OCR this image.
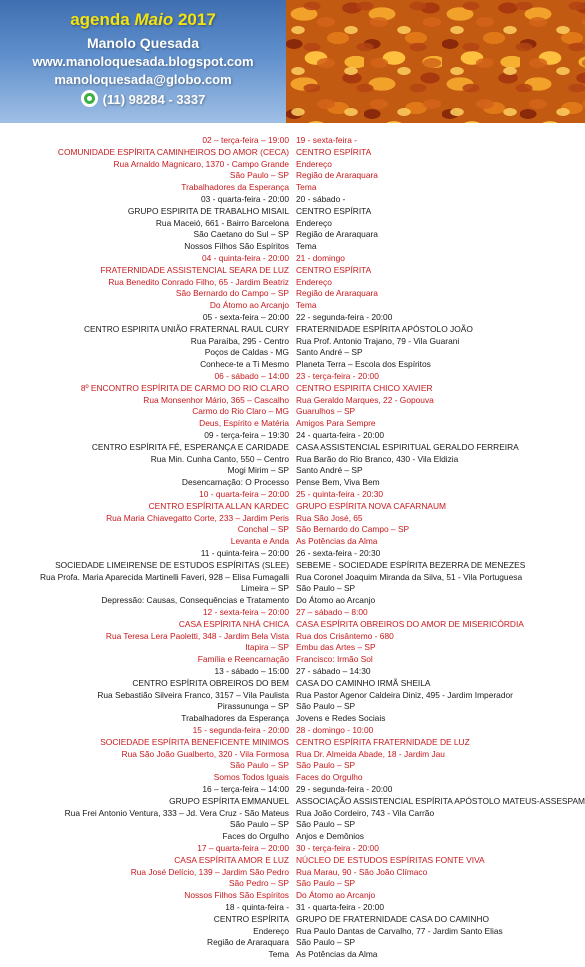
agenda Maio 2017
Manolo Quesada
www.manoloquesada.blogspot.com
manoloquesada@globo.com
(11) 98284 - 3337
02 – terça-feira – 19:00 19 - sexta-feira -
COMUNIDADE ESPÍRITA CAMINHEIROS DO AMOR (CECA) CENTRO ESPÍRITA
Rua Arnaldo Magnicaro, 1370 - Campo Grande Endereço
São Paulo – SP Região de Araraquara
Trabalhadores da Esperança Tema
03 - quarta-feira - 20:00 20 - sábado -
GRUPO ESPIRITA DE TRABALHO MISAIL CENTRO ESPÍRITA
Rua Maceió, 661 - Bairro Barcelona Endereço
São Caetano do Sul – SP Região de Araraquara
Nossos Filhos São Espíritos Tema
04 - quinta-feira - 20:00 21 - domingo
FRATERNIDADE ASSISTENCIAL SEARA DE LUZ CENTRO ESPÍRITA
Rua Benedito Conrado Filho, 65 - Jardim Beatriz Endereço
São Bernardo do Campo – SP Região de Araraquara
Do Átomo ao Arcanjo Tema
05 - sexta-feira – 20:00 22 - segunda-feira - 20:00
CENTRO ESPIRITA UNIÃO FRATERNAL RAUL CURY FRATERNIDADE ESPÍRITA APÓSTOLO JOÃO
Rua Paraíba, 295 - Centro Rua Prof. Antonio Trajano, 79 - Vila Guarani
Poços de Caldas - MG Santo André – SP
Conhece-te a Ti Mesmo Planeta Terra – Escola dos Espíritos
06 - sábado – 14:00 23 - terça-feira - 20:00
8º ENCONTRO ESPÍRITA DE CARMO DO RIO CLARO CENTRO ESPIRITA CHICO XAVIER
Rua Monsenhor Mário, 365 – Cascalho Rua Geraldo Marques, 22 - Gopouva
Carmo do Rio Claro – MG Guarulhos – SP
Deus, Espírito e Matéria Amigos Para Sempre
09 - terça-feira – 19:30 24 - quarta-feira - 20:00
CENTRO ESPÍRITA FÉ, ESPERANÇA E CARIDADE CASA ASSISTENCIAL ESPIRITUAL GERALDO FERREIRA
Rua Min. Cunha Canto, 550 – Centro Rua Barão do Rio Branco, 430 - Vila Eldizia
Mogi Mirim – SP Santo André – SP
Desencarnação: O Processo Pense Bem, Viva Bem
10 - quarta-feira – 20:00 25 - quinta-feira - 20:30
CENTRO ESPÍRITA ALLAN KARDEC GRUPO ESPÍRITA NOVA CAFARNAUM
Rua Maria Chiavegatto Corte, 233 – Jardim Peris Rua São José, 65
Conchal – SP São Bernardo do Campo – SP
Levanta e Anda As Potências da Alma
11 - quinta-feira – 20:00 26 - sexta-feira - 20:30
SOCIEDADE LIMEIRENSE DE ESTUDOS ESPÍRITAS (SLEE) SEBEME - SOCIEDADE ESPÍRITA BEZERRA DE MENEZES
Rua Profa. Maria Aparecida Martinelli Faveri, 928 – Elisa Fumagalli Rua Coronel Joaquim Miranda da Silva, 51 - Vila Portuguesa
Limeira – SP São Paulo – SP
Depressão: Causas, Consequências e Tratamento Do Átomo ao Arcanjo
12 - sexta-feira – 20:00 27 – sábado – 8:00
CASA ESPÍRITA NHÁ CHICA CASA ESPÍRITA OBREIROS DO AMOR DE MISERICÓRDIA
Rua Teresa Lera Paoletti, 348 - Jardim Bela Vista Rua dos Crisântemo - 680
Itapira – SP Embu das Artes – SP
Família e Reencarnação Francisco: Irmão Sol
13 - sábado – 15:00 27 - sábado – 14:30
CENTRO ESPÍRITA OBREIROS DO BEM CASA DO CAMINHO IRMÃ SHEILA
Rua Sebastião Silveira Franco, 3157 – Vila Paulista Rua Pastor Agenor Caldeira Diniz, 495 - Jardim Imperador
Pirassununga – SP São Paulo – SP
Trabalhadores da Esperança Jovens e Redes Sociais
15 - segunda-feira - 20:00 28 - domingo - 10:00
SOCIEDADE ESPÍRITA BENEFICENTE MINIMOS CENTRO ESPÍRITA FRATERNIDADE DE LUZ
Rua São João Gualberto, 320 - Vila Formosa Rua Dr. Almeida Abade, 18 - Jardim Jau
São Paulo – SP São Paulo – SP
Somos Todos Iguais Faces do Orgulho
16 – terça-feira – 14:00 29 - segunda-feira - 20:00
GRUPO ESPÍRITA EMMANUEL ASSOCIAÇÃO ASSISTENCIAL ESPÍRITA APÓSTOLO MATEUS-ASSESPAM
Rua Frei Antonio Ventura, 333 – Jd. Vera Cruz - São Mateus Rua João Cordeiro, 743 - Vila Carrão
São Paulo – SP São Paulo – SP
Faces do Orgulho Anjos e Demônios
17 – quarta-feira – 20:00 30 - terça-feira - 20:00
CASA ESPÍRITA AMOR E LUZ NÚCLEO DE ESTUDOS ESPÍRITAS FONTE VIVA
Rua José Delício, 139 – Jardim São Pedro Rua Marau, 90 - São João Clímaco
São Pedro – SP São Paulo – SP
Nossos Filhos São Espíritos Do Átomo ao Arcanjo
18 - quinta-feira - 31 - quarta-feira - 20:00
CENTRO ESPÍRITA GRUPO DE FRATERNIDADE CASA DO CAMINHO
Endereço Rua Paulo Dantas de Carvalho, 77 - Jardim Santo Elias
Região de Araraquara São Paulo – SP
Tema As Potências da Alma
